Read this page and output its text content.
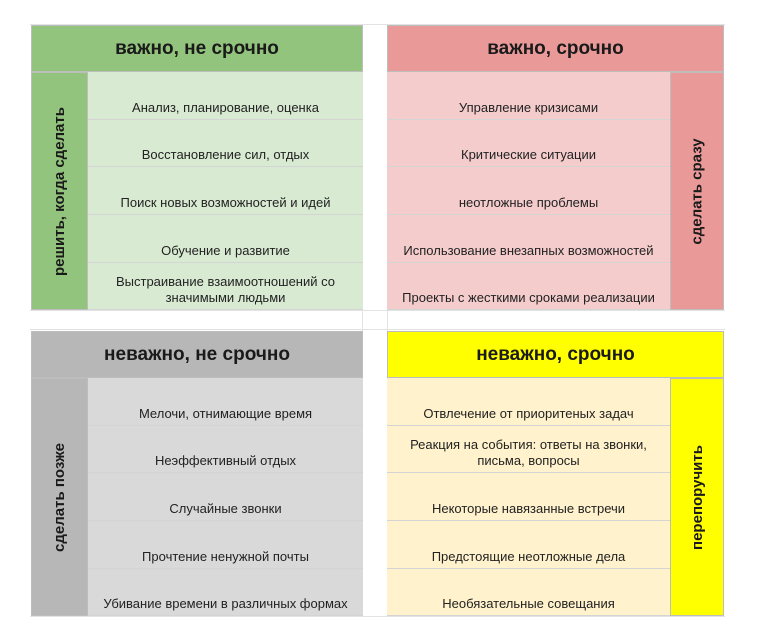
важно, не срочно
решить, когда сделать	Анализ, планирование, оценка
Восстановление сил, отдых
Поиск новых возможностей и идей
Обучение и развитие
Выстраивание взаимоотношений со значимыми людьми
важно, срочно
Управление кризисами
Критические ситуации
неотложные проблемы
Использование внезапных возможностей
Проекты с жесткими сроками реализации
сделать сразу
неважно, не срочно
сделать позже
Мелочи, отнимающие время
Неэффективный отдых
Случайные звонки
Прочтение ненужной почты
Убивание времени в различных формах
неважно, срочно
Отвлечение от приоритеных задач
Реакция на события: ответы на звонки, письма, вопросы
Некоторые навязанные встречи
Предстоящие неотложные дела
Необязательные совещания
перепоручить
